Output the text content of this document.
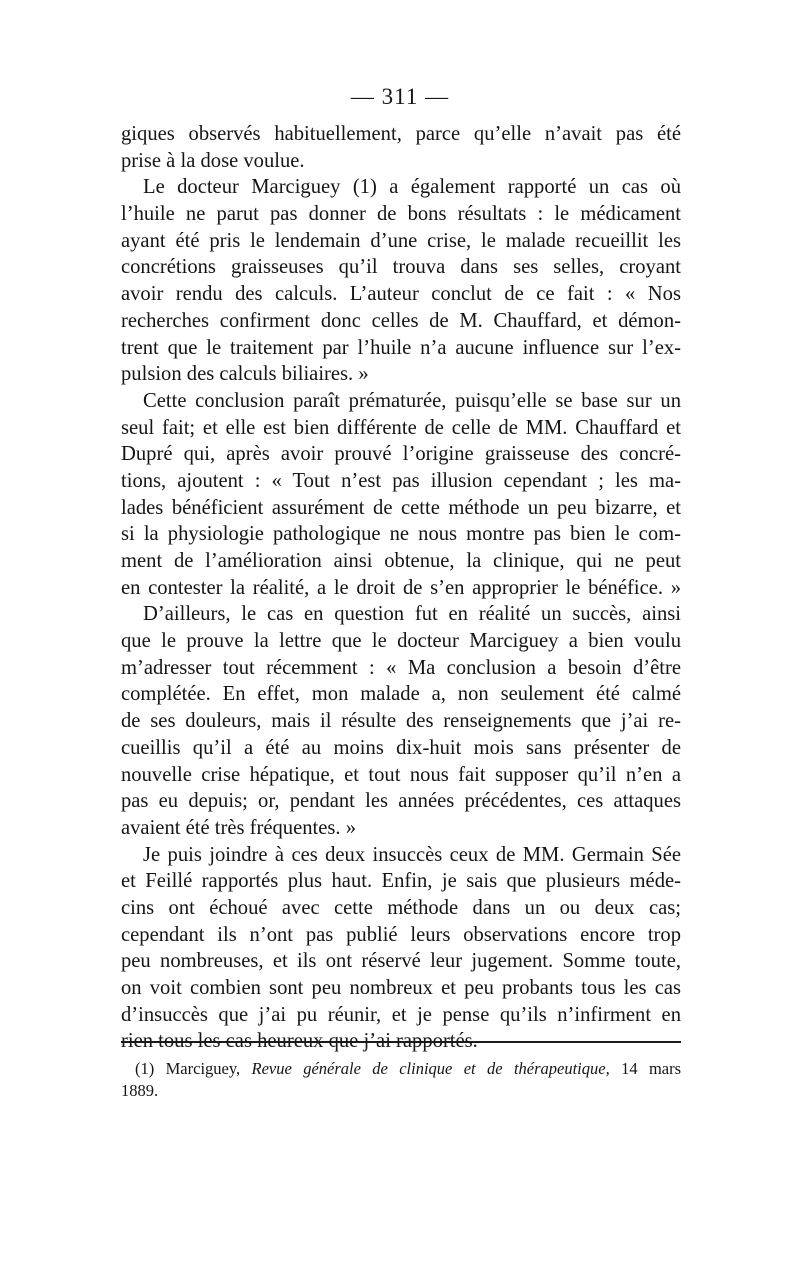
— 311 —
giques observés habituellement, parce qu’elle n’avait pas été
prise à la dose voulue.
Le docteur Marciguey (1) a également rapporté un cas où
l’huile ne parut pas donner de bons résultats : le médicament
ayant été pris le lendemain d’une crise, le malade recueillit les
concrétions graisseuses qu’il trouva dans ses selles, croyant
avoir rendu des calculs. L’auteur conclut de ce fait : « Nos
recherches confirment donc celles de M. Chauffard, et démon-
trent que le traitement par l’huile n’a aucune influence sur l’ex-
pulsion des calculs biliaires. »
Cette conclusion paraît prématurée, puisqu’elle se base sur un
seul fait; et elle est bien différente de celle de MM. Chauffard et
Dupré qui, après avoir prouvé l’origine graisseuse des concré-
tions, ajoutent : « Tout n’est pas illusion cependant ; les ma-
lades bénéficient assurément de cette méthode un peu bizarre, et
si la physiologie pathologique ne nous montre pas bien le com-
ment de l’amélioration ainsi obtenue, la clinique, qui ne peut
en contester la réalité, a le droit de s’en approprier le bénéfice. »
D’ailleurs, le cas en question fut en réalité un succès, ainsi
que le prouve la lettre que le docteur Marciguey a bien voulu
m’adresser tout récemment : « Ma conclusion a besoin d’être
complétée. En effet, mon malade a, non seulement été calmé
de ses douleurs, mais il résulte des renseignements que j’ai re-
cueillis qu’il a été au moins dix-huit mois sans présenter de
nouvelle crise hépatique, et tout nous fait supposer qu’il n’en a
pas eu depuis; or, pendant les années précédentes, ces attaques
avaient été très fréquentes. »
Je puis joindre à ces deux insuccès ceux de MM. Germain Sée
et Feillé rapportés plus haut. Enfin, je sais que plusieurs méde-
cins ont échoué avec cette méthode dans un ou deux cas;
cependant ils n’ont pas publié leurs observations encore trop
peu nombreuses, et ils ont réservé leur jugement. Somme toute,
on voit combien sont peu nombreux et peu probants tous les cas
d’insuccès que j’ai pu réunir, et je pense qu’ils n’infirment en
rien tous les cas heureux que j’ai rapportés.
(1) Marciguey, Revue générale de clinique et de thérapeutique, 14 mars
1889.
